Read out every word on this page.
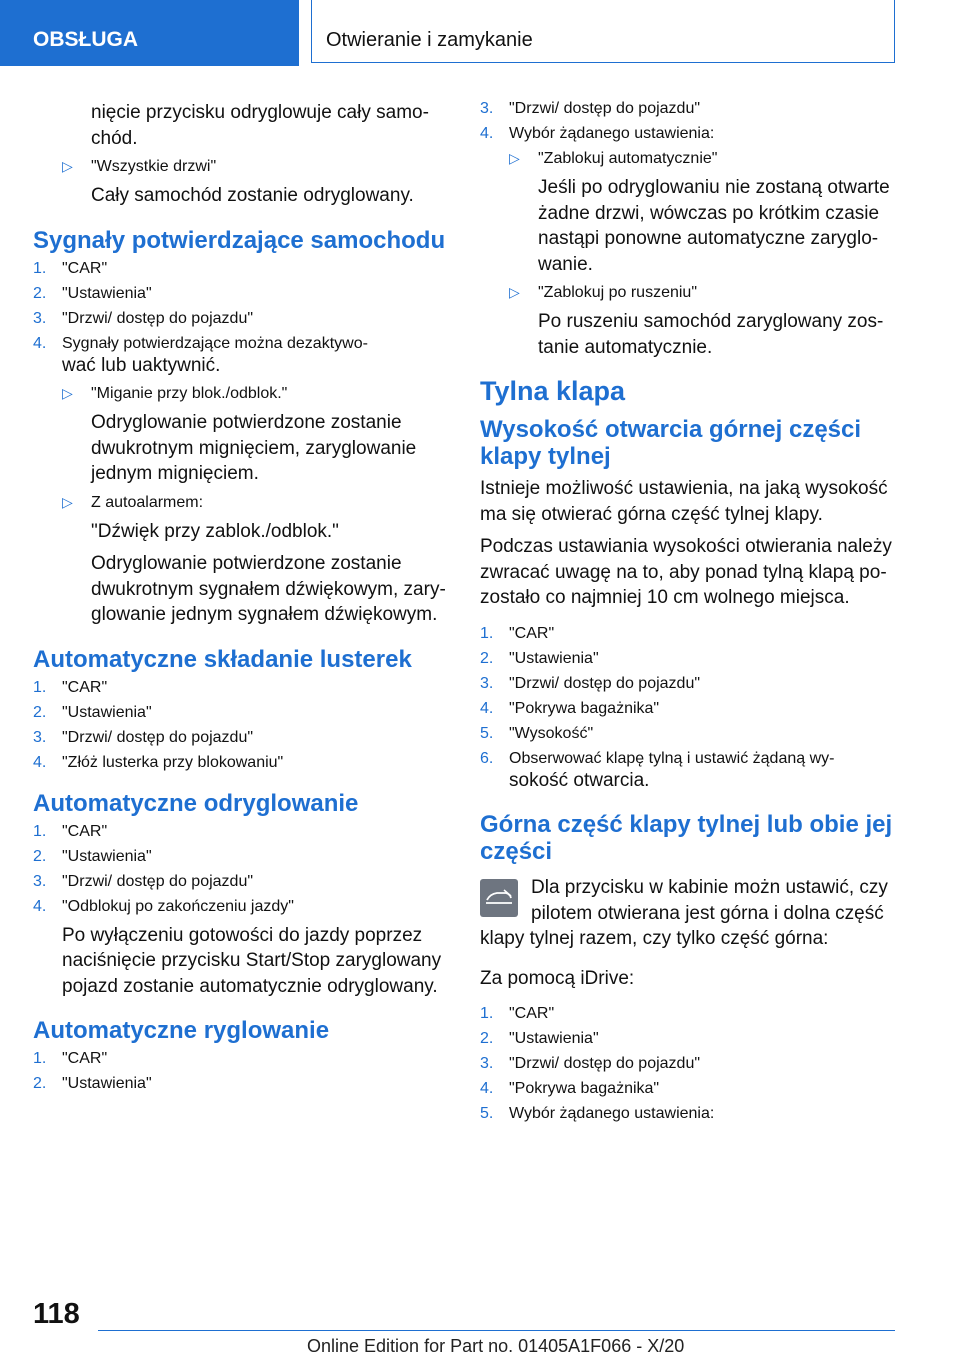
OBSŁUGA	Otwieranie i zamykanie

nięcie przycisku odryglowuje cały samo-

chód.

▷ "Wszystkie drzwi"

Cały samochód zostanie odryglowany.

Sygnały potwierdzające samochodu
1. "CAR"
2. "Ustawienia"
3. "Drzwi/ dostęp do pojazdu"
4. Sygnały potwierdzające można dezaktywo-

wać lub uaktywnić.

▷ "Miganie przy blok./odblok."

Odryglowanie potwierdzone zostanie

dwukrotnym mignięciem, zaryglowanie

jednym mignięciem.

▷ Z autoalarmem:

"Dźwięk przy zablok./odblok."

Odryglowanie potwierdzone zostanie

dwukrotnym sygnałem dźwiękowym, zary-

glowanie jednym sygnałem dźwiękowym.

Automatyczne składanie lusterek
1. "CAR"
2. "Ustawienia"
3. "Drzwi/ dostęp do pojazdu"
4. "Złóż lusterka przy blokowaniu"
Automatyczne odryglowanie
1. "CAR"
2. "Ustawienia"
3. "Drzwi/ dostęp do pojazdu"
4. "Odblokuj po zakończeniu jazdy"

Po wyłączeniu gotowości do jazdy poprzez

naciśnięcie przycisku Start/Stop zaryglowany

pojazd zostanie automatycznie odryglowany.

Automatyczne ryglowanie
1. "CAR"
2. "Ustawienia"
3. "Drzwi/ dostęp do pojazdu"
4. Wybór żądanego ustawienia:
▷ "Zablokuj automatycznie"

Jeśli po odryglowaniu nie zostaną otwarte

żadne drzwi, wówczas po krótkim czasie

nastąpi ponowne automatyczne zaryglo-

wanie.

▷ "Zablokuj po ruszeniu"

Po ruszeniu samochód zaryglowany zos-

tanie automatycznie.

Tylna klapa
Wysokość otwarcia górnej części
klapy tylnej

Istnieje możliwość ustawienia, na jaką wysokość

ma się otwierać górna część tylnej klapy.

Podczas ustawiania wysokości otwierania należy

zwracać uwagę na to, aby ponad tylną klapą po-

zostało co najmniej 10 cm wolnego miejsca.

1. "CAR"
2. "Ustawienia"
3. "Drzwi/ dostęp do pojazdu"
4. "Pokrywa bagażnika"
5. "Wysokość"
6. Obserwować klapę tylną i ustawić żądaną wy-

sokość otwarcia.

Górna część klapy tylnej lub obie jej
części

Dla przycisku w kabinie możn ustawić, czy

pilotem otwierana jest górna i dolna część

klapy tylnej razem, czy tylko część górna:

Za pomocą iDrive:

1. "CAR"
2. "Ustawienia"
3. "Drzwi/ dostęp do pojazdu"
4. "Pokrywa bagażnika"
5. Wybór żądanego ustawienia:
118
Online Edition for Part no. 01405A1F066 - X/20
